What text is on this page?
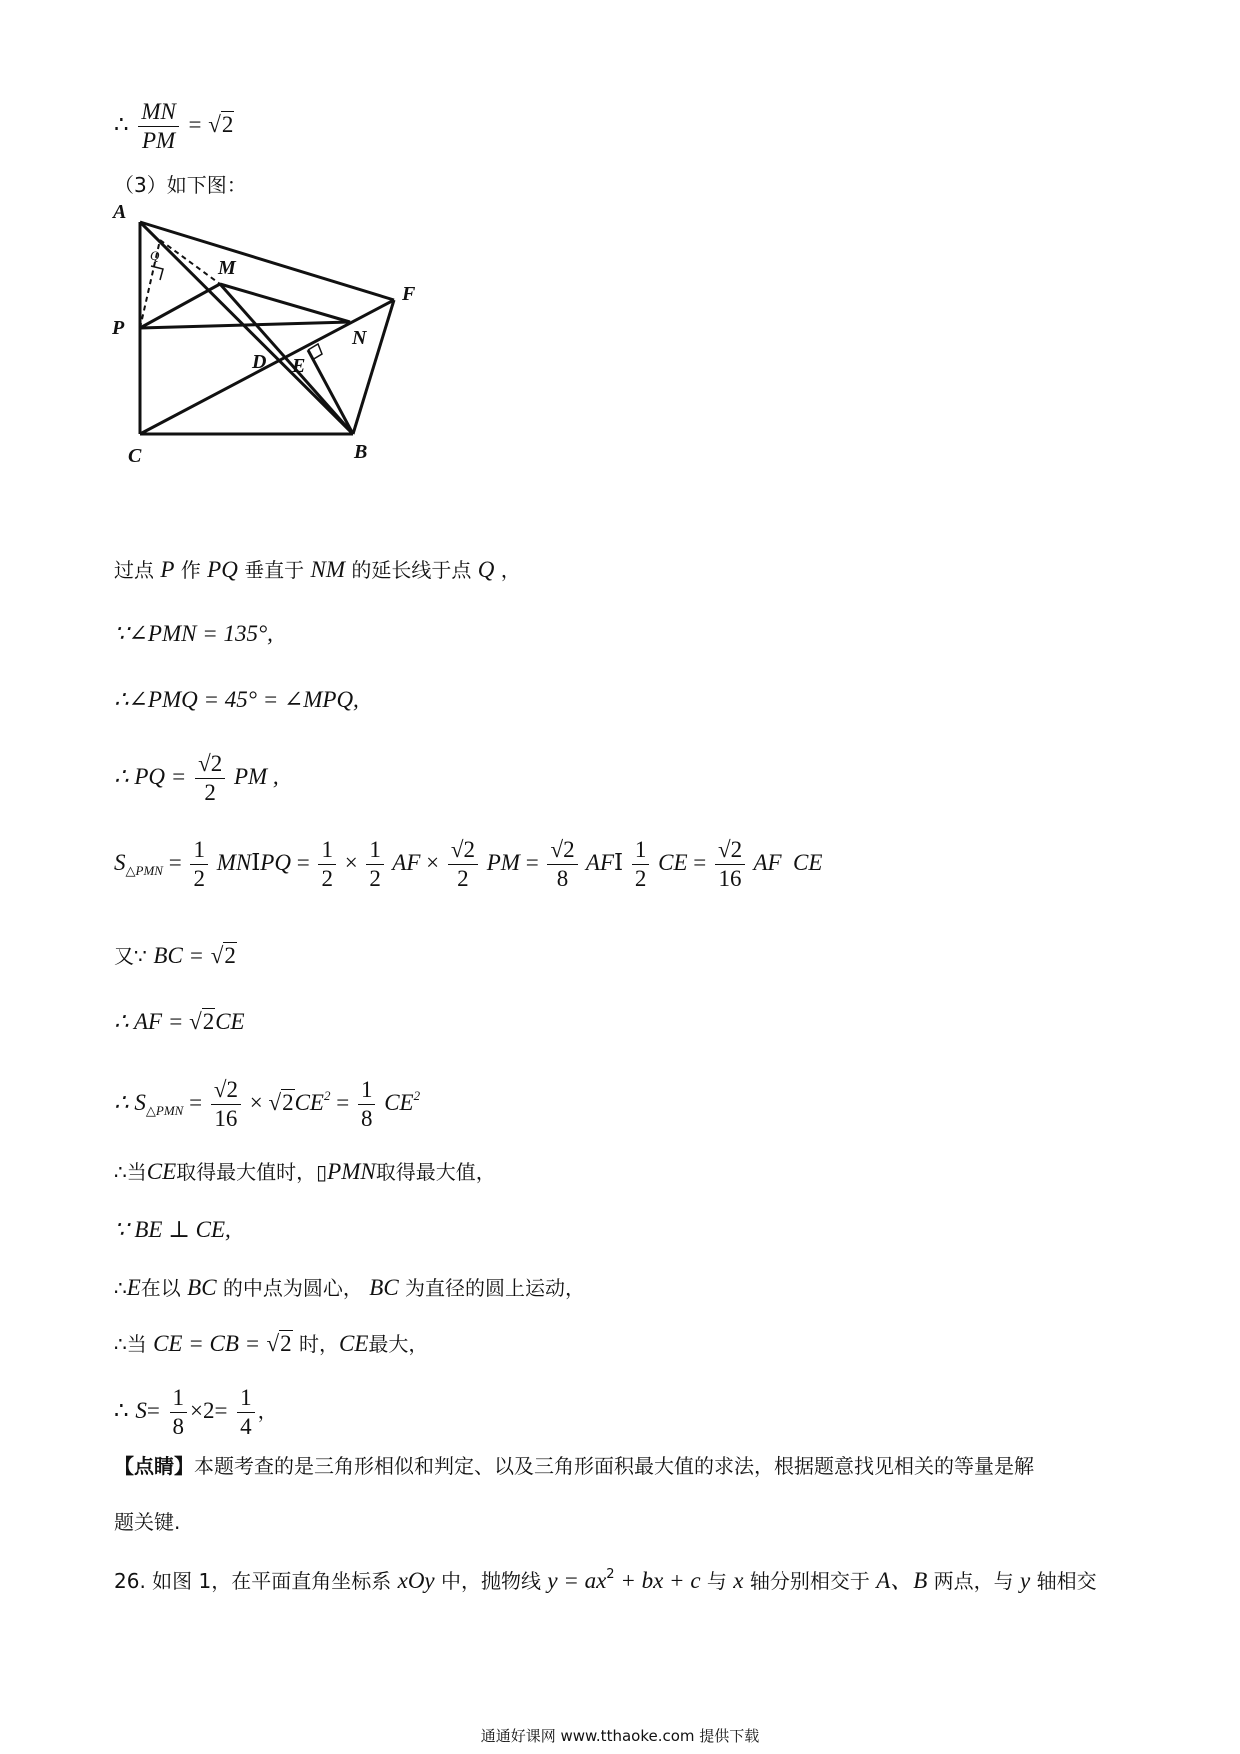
∴ $\frac{MN}{PM} = √2$
（3）如下图：
A
Q
M
F
P	N
D E
C	B
过点 P 作 PQ 垂直于 NM 的延长线于点 Q ，
∵∠PMN = 135°,
∴∠PMQ = 45° = ∠MPQ,
∴ PQ = $\frac{√2}{2}$ PM ,
$S_{\triangle PMN} = \frac{1}{2}$ MNⅠPQ = $\frac{1}{2} \times \frac{1}{2}$ AF × $\frac{√2}{2}$ PM = $\frac{√2}{8}$ AFⅠ $\frac{1}{2}$ CE = $\frac{√2}{16}$ AF  CE
又∵ BC = √2
∴ AF = √2CE
∴ $S_{\triangle PMN} = \frac{√2}{16} \times √2CE^2 = \frac{1}{8} CE^2$
∴当CE取得最大值时，▯PMN取得最大值，
∵ BE ⊥ CE,
∴E在以 BC 的中点为圆心， BC 为直径的圆上运动，
∴当 CE = CB = √2 时，CE最大，
∴ $S= \frac{1}{8} \times 2= \frac{1}{4}$ ，
【点睛】本题考查的是三角形相似和判定、以及三角形面积最大值的求法，根据题意找见相关的等量是解
题关键.
26. 如图 1，在平面直角坐标系 xOy 中，抛物线 $y = ax^2$ + bx + c 与 x 轴分别相交于 A、B 两点，与 y 轴相交
通通好课网 www.tthaoke.com 提供下载
